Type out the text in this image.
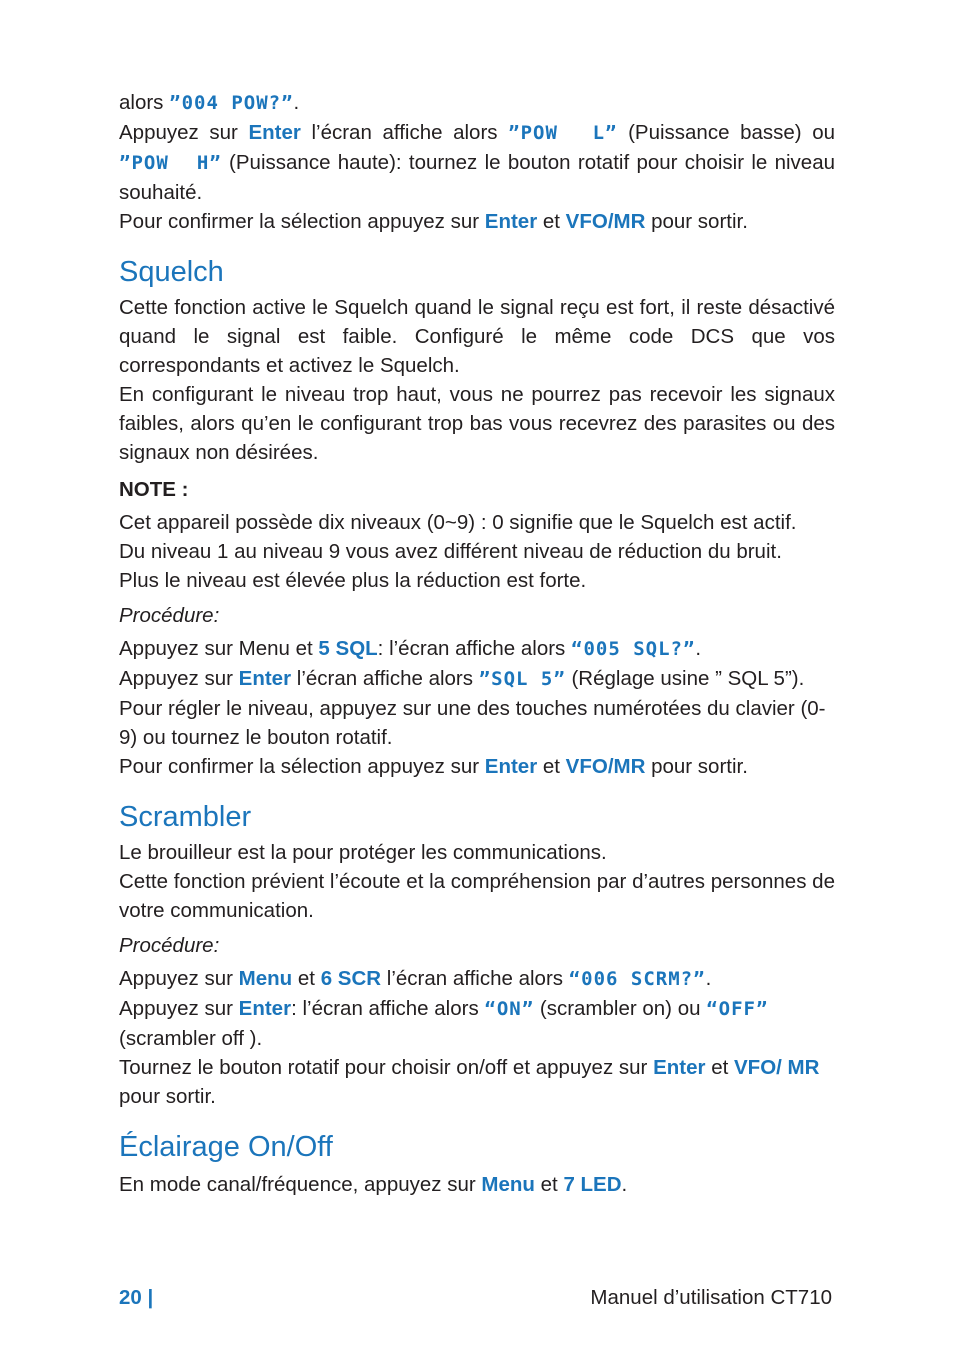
alors ”004 POW?”.

Appuyez sur Enter l’écran affiche alors ”POW  L” (Puissance basse) ou ”POW  H” (Puissance haute): tournez le bouton rotatif pour choisir le niveau souhaité.

Pour confirmer la sélection appuyez sur Enter et VFO/MR pour sortir.

Squelch

Cette fonction active le Squelch quand le signal reçu est fort, il reste désactivé quand le signal est faible. Configuré le même code DCS que vos correspondants et activez le Squelch.

En configurant le niveau trop haut, vous ne pourrez pas recevoir les signaux faibles, alors qu’en le configurant trop bas vous recevrez des parasites ou des signaux non désirées.

NOTE :

Cet appareil possède dix niveaux (0~9) : 0 signifie que le Squelch est actif.

Du niveau 1 au niveau 9 vous avez différent niveau de réduction du bruit.

Plus le niveau est élevée plus la réduction est forte.

Procédure:

Appuyez sur Menu et 5 SQL: l’écran affiche alors “005 SQL?”.

Appuyez sur Enter l’écran affiche alors ”SQL 5” (Réglage usine ” SQL 5”).

Pour régler le niveau, appuyez sur une des touches numérotées du clavier (0-9) ou tournez le bouton rotatif.

Pour confirmer la sélection appuyez sur Enter et VFO/MR pour sortir.

Scrambler

Le brouilleur est la pour protéger les communications.

Cette fonction prévient l’écoute et la compréhension par d’autres personnes de votre communication.

Procédure:

Appuyez sur Menu et 6 SCR l’écran affiche alors “006 SCRM?”.

Appuyez sur Enter: l’écran affiche alors “ON” (scrambler on) ou “OFF” (scrambler off ).

Tournez le bouton rotatif pour choisir on/off et appuyez sur Enter et VFO/ MR pour sortir.

Éclairage On/Off

En mode canal/fréquence, appuyez sur Menu et 7 LED.

20 |	Manuel d’utilisation CT710
